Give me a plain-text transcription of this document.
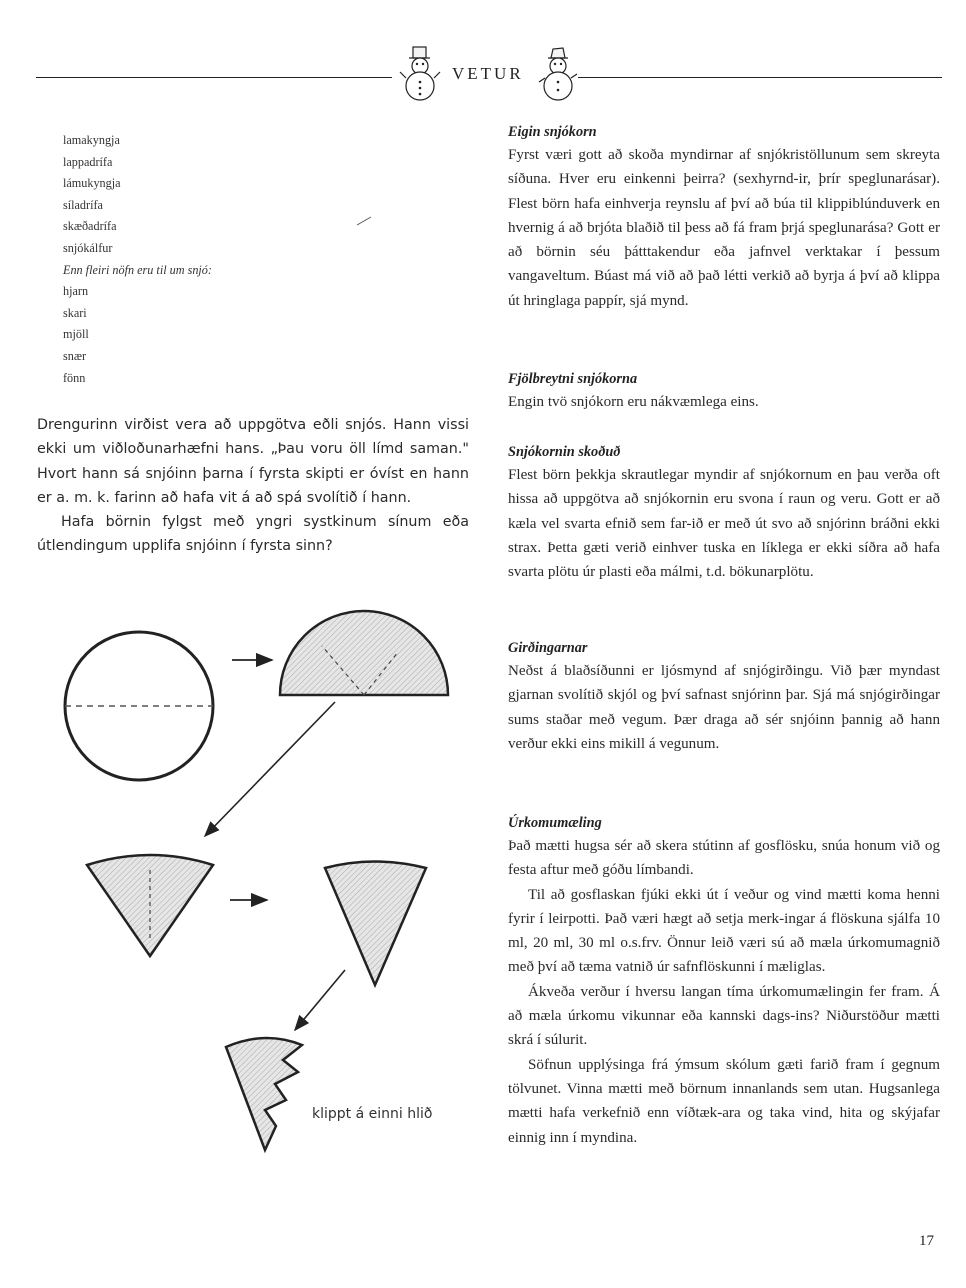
VETUR
lamakyngja
lappadrífa
lámukyngja
síladrífa
skæðadrífa
snjókálfur
Enn fleiri nöfn eru til um snjó:
hjarn
skari
mjöll
snær
fönn

Drengurinn virðist vera að uppgötva eðli snjós. Hann vissi ekki um viðloðunarhæfni hans. „Þau voru öll límd saman." Hvort hann sá snjóinn þarna í fyrsta skipti er óvíst en hann er a. m. k. farinn að hafa vit á að spá svolítið í hann.

Hafa börnin fylgst með yngri systkinum sínum eða útlendingum upplifa snjóinn í fyrsta sinn?

klippt á einni hlið
Eigin snjókorn

Fyrst væri gott að skoða myndirnar af snjókristöllunum sem skreyta síðuna. Hver eru einkenni þeirra? (sexhyrnd-ir, þrír speglunarásar). Flest börn hafa einhverja reynslu af því að búa til klippiblúnduverk en hvernig á að brjóta blaðið til þess að fá fram þrjá speglunarása? Gott er að börnin séu þátttakendur eða jafnvel verktakar í þessum vangaveltum. Búast má við að það létti verkið að byrja á því að klippa út hringlaga pappír, sjá mynd.

Fjölbreytni snjókorna

Engin tvö snjókorn eru nákvæmlega eins.

Snjókornin skoðuð

Flest börn þekkja skrautlegar myndir af snjókornum en þau verða oft hissa að uppgötva að snjókornin eru svona í raun og veru. Gott er að kæla vel svarta efnið sem far-ið er með út svo að snjórinn bráðni ekki strax. Þetta gæti verið einhver tuska en líklega er ekki síðra að hafa svarta plötu úr plasti eða málmi, t.d. bökunarplötu.

Girðingarnar

Neðst á blaðsíðunni er ljósmynd af snjógirðingu. Við þær myndast gjarnan svolítið skjól og því safnast snjórinn þar. Sjá má snjógirðingar sums staðar með vegum. Þær draga að sér snjóinn þannig að hann verður ekki eins mikill á vegunum.

Úrkomumæling

Það mætti hugsa sér að skera stútinn af gosflösku, snúa honum við og festa aftur með góðu límbandi.

Til að gosflaskan fjúki ekki út í veður og vind mætti koma henni fyrir í leirpotti. Það væri hægt að setja merk-ingar á flöskuna sjálfa 10 ml, 20 ml, 30 ml o.s.frv. Önnur leið væri sú að mæla úrkomumagnið með því að tæma vatnið úr safnflöskunni í mæliglas.

Ákveða verður í hversu langan tíma úrkomumælingin fer fram. Á að mæla úrkomu vikunnar eða kannski dags-ins? Niðurstöður mætti skrá í súlurit.

Söfnun upplýsinga frá ýmsum skólum gæti farið fram í gegnum tölvunet. Vinna mætti með börnum innanlands sem utan. Hugsanlega mætti hafa verkefnið enn víðtæk-ara og taka vind, hita og skýjafar einnig inn í myndina.

17
